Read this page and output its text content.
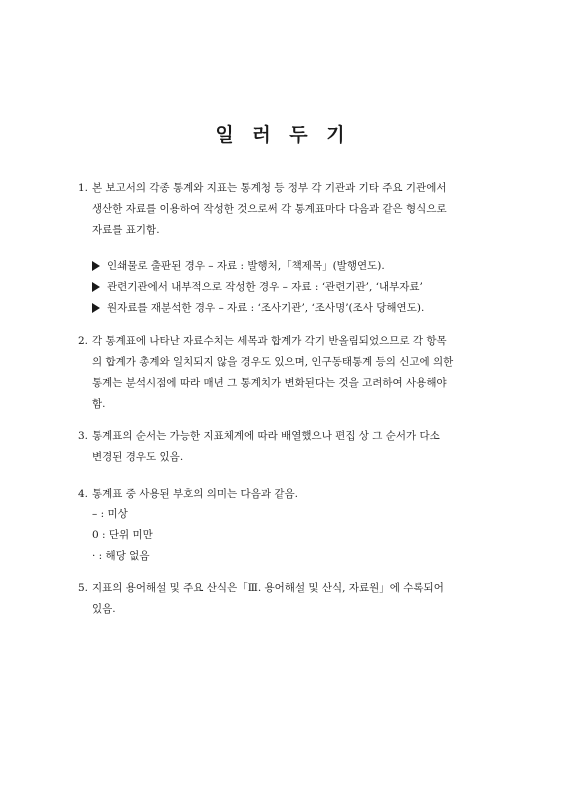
일 러 두 기
1. 본 보고서의 각종 통계와 지표는 통계청 등 정부 각 기관과 기타 주요 기관에서
생산한 자료를 이용하여 작성한 것으로써 각 통계표마다 다음과 같은 형식으로
자료를 표기함.
인쇄물로 출판된 경우 – 자료 : 발행처,「책제목」(발행연도).
관련기관에서 내부적으로 작성한 경우 – 자료 : ‘관련기관’, ‘내부자료’
원자료를 재분석한 경우 – 자료 : ‘조사기관’, ‘조사명’(조사 당해연도).
2. 각 통계표에 나타난 자료수치는 세목과 합계가 각기 반올림되었으므로 각 항목
의 합계가 총계와 일치되지 않을 경우도 있으며, 인구동태통계 등의 신고에 의한
통계는 분석시점에 따라 매년 그 통계치가 변화된다는 것을 고려하여 사용해야
함.
3. 통계표의 순서는 가능한 지표체계에 따라 배열했으나 편집 상 그 순서가 다소
변경된 경우도 있음.
4. 통계표 중 사용된 부호의 의미는 다음과 같음.
– : 미상
0 : 단위 미만
· : 해당 없음
5. 지표의 용어해설 및 주요 산식은「Ⅲ. 용어해설 및 산식, 자료원」에 수록되어
있음.
